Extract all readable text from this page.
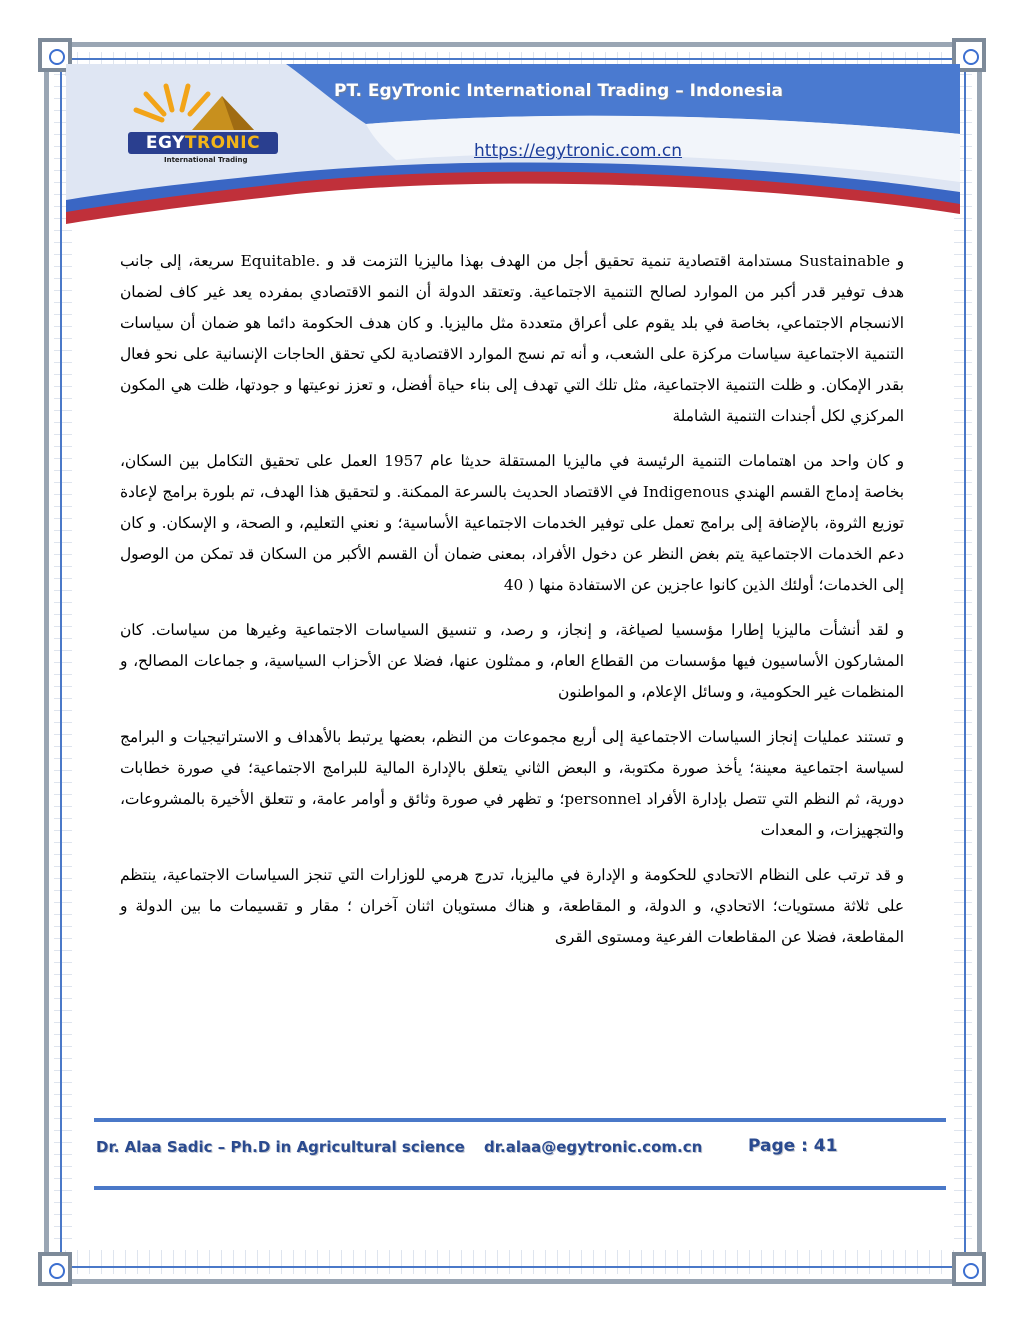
EGYTRONIC
International Trading
PT. EgyTronic International Trading – Indonesia
https://egytronic.com.cn

و Sustainable مستدامة اقتصادية تنمية تحقيق أجل من الهدف بهذا ماليزيا التزمت قد و .Equitable سريعة، إلى جانب هدف توفير قدر أكبر من الموارد لصالح التنمية الاجتماعية. وتعتقد الدولة أن النمو الاقتصادي بمفرده يعد غير كاف لضمان الانسجام الاجتماعي، بخاصة في بلد يقوم على أعراق متعددة مثل ماليزيا. و كان هدف الحكومة دائما هو ضمان أن سياسات التنمية الاجتماعية سياسات مركزة على الشعب، و أنه تم نسج الموارد الاقتصادية لكي تحقق الحاجات الإنسانية على نحو فعال بقدر الإمكان. و ظلت التنمية الاجتماعية، مثل تلك التي تهدف إلى بناء حياة أفضل، و تعزز نوعيتها و جودتها، ظلت هي المكون المركزي لكل أجندات التنمية الشاملة

و كان واحد من اهتمامات التنمية الرئيسة في ماليزيا المستقلة حديثا عام 1957 العمل على تحقيق التكامل بين السكان، بخاصة إدماج القسم الهندي Indigenous في الاقتصاد الحديث بالسرعة الممكنة. و لتحقيق هذا الهدف، تم بلورة برامج لإعادة توزيع الثروة، بالإضافة إلى برامج تعمل على توفير الخدمات الاجتماعية الأساسية؛ و نعني التعليم، و الصحة، و الإسكان. و كان دعم الخدمات الاجتماعية يتم بغض النظر عن دخول الأفراد، بمعنى ضمان أن القسم الأكبر من السكان قد تمكن من الوصول إلى الخدمات؛ أولئك الذين كانوا عاجزين عن الاستفادة منها ( 40

و لقد أنشأت ماليزيا إطارا مؤسسيا لصياغة، و إنجاز، و رصد، و تنسيق السياسات الاجتماعية وغيرها من سياسات. كان المشاركون الأساسيون فيها مؤسسات من القطاع العام، و ممثلون عنها، فضلا عن الأحزاب السياسية، و جماعات المصالح، و المنظمات غير الحكومية، و وسائل الإعلام، و المواطنون

و تستند عمليات إنجاز السياسات الاجتماعية إلى أربع مجموعات من النظم، بعضها يرتبط بالأهداف و الاستراتيجيات و البرامج لسياسة اجتماعية معينة؛ يأخذ صورة مكتوبة، و البعض الثاني يتعلق بالإدارة المالية للبرامج الاجتماعية؛ في صورة خطابات دورية، ثم النظم التي تتصل بإدارة الأفراد personnel؛ و تظهر في صورة وثائق و أوامر عامة، و تتعلق الأخيرة بالمشروعات، والتجهيزات، و المعدات

و قد ترتب على النظام الاتحادي للحكومة و الإدارة في ماليزيا، تدرج هرمي للوزارات التي تنجز السياسات الاجتماعية، ينتظم على ثلاثة مستويات؛ الاتحادي، و الدولة، و المقاطعة، و هناك مستويان اثنان آخران ؛ مقار و تقسيمات ما بين الدولة و المقاطعة، فضلا عن المقاطعات الفرعية ومستوى القرى

Dr. Alaa Sadic – Ph.D in Agricultural science dr.alaa@egytronic.com.cn	Page : 41
